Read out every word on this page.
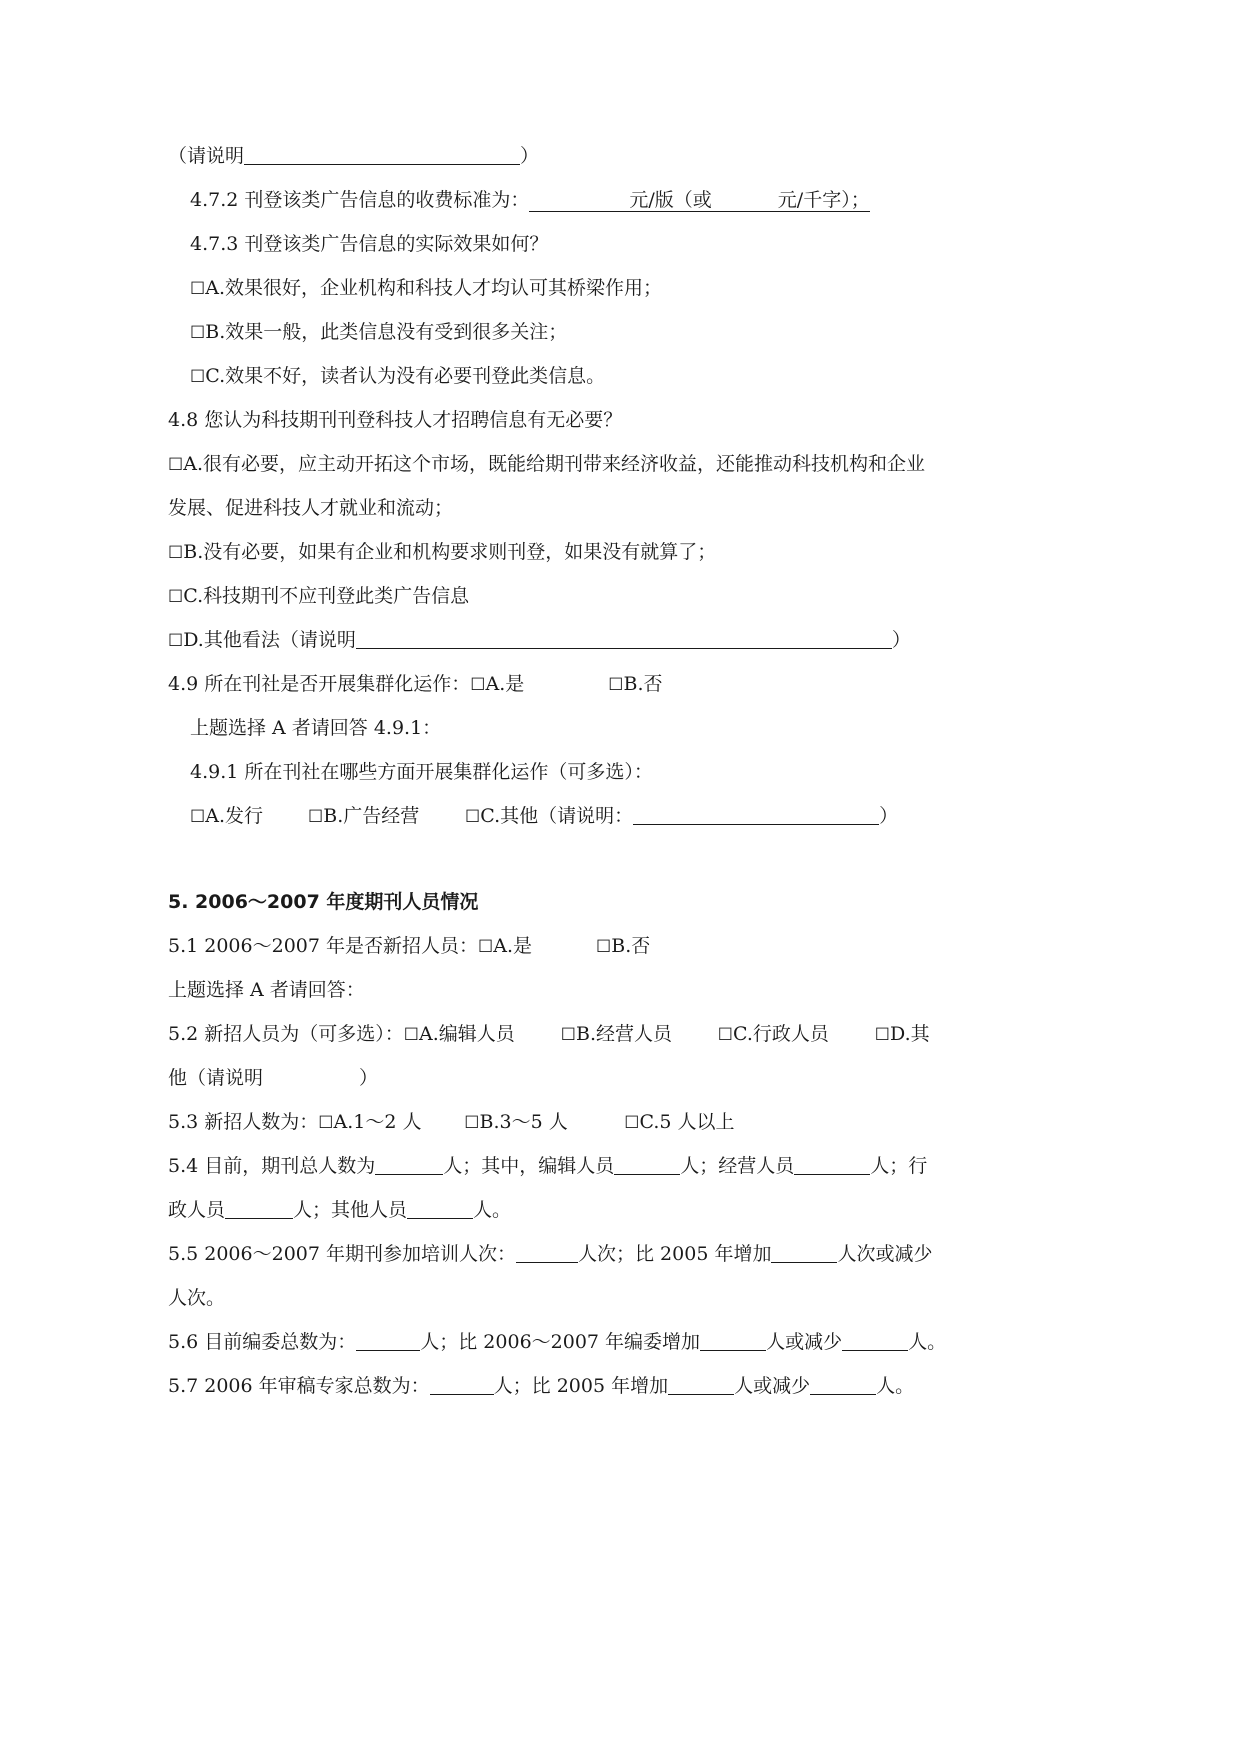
（请说明	）
4.7.2 刊登该类广告信息的收费标准为：	元/版（或	元/千字）；
4.7.3 刊登该类广告信息的实际效果如何？
☐A.效果很好，企业机构和科技人才均认可其桥梁作用；
☐B.效果一般，此类信息没有受到很多关注；
☐C.效果不好，读者认为没有必要刊登此类信息。
4.8 您认为科技期刊刊登科技人才招聘信息有无必要？
☐A.很有必要，应主动开拓这个市场，既能给期刊带来经济收益，还能推动科技机构和企业
发展、促进科技人才就业和流动；
☐B.没有必要，如果有企业和机构要求则刊登，如果没有就算了；
☐C.科技期刊不应刊登此类广告信息
☐D.其他看法（请说明	）
4.9 所在刊社是否开展集群化运作：☐A.是	☐B.否
上题选择 A 者请回答 4.9.1：
4.9.1 所在刊社在哪些方面开展集群化运作（可多选）：
☐A.发行	☐B.广告经营	☐C.其他（请说明：	）
5. 2006～2007 年度期刊人员情况
5.1 2006～2007 年是否新招人员：☐A.是	☐B.否
上题选择 A 者请回答：
5.2 新招人员为（可多选）：☐A.编辑人员	☐B.经营人员	☐C.行政人员	☐D.其
他（请说明	）
5.3 新招人数为：☐A.1～2 人	☐B.3～5 人	☐C.5 人以上
5.4 目前，期刊总人数为	人；其中，编辑人员	人；经营人员	人；行
政人员	人；其他人员	人。
5.5 2006～2007 年期刊参加培训人次：	人次；比 2005 年增加	人次或减少
人次。
5.6 目前编委总数为：	人；比 2006～2007 年编委增加	人或减少	人。
5.7 2006 年审稿专家总数为：	人；比 2005 年增加	人或减少	人。
